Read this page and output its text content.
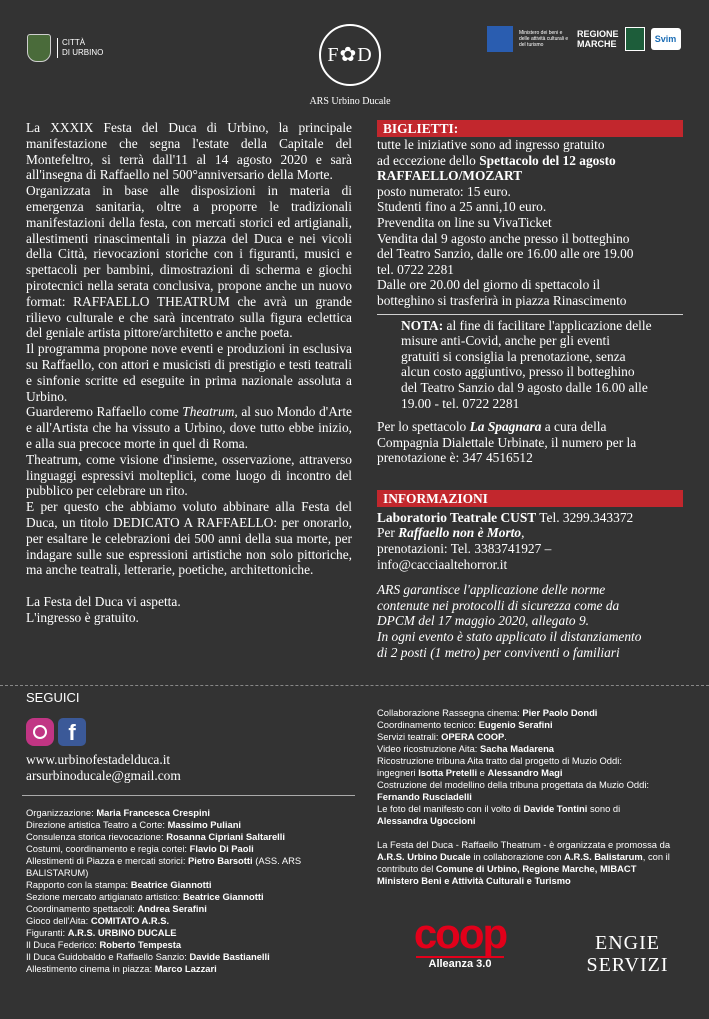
CITTÀ
DI URBINO	F✿D
ARS Urbino Ducale
Ministero dei beni e delle attività culturali e del turismo
REGIONE
MARCHE	Svim

La XXXIX Festa del Duca di Urbino, la principale manifestazione che segna l'estate della Capitale del Montefeltro, si terrà dall'11 al 14 agosto 2020 e sarà all'insegna di Raffaello nel 500°anniversario della Morte.

Organizzata in base alle disposizioni in materia di emergenza sanitaria, oltre a proporre le tradizionali manifestazioni della festa, con mercati storici ed artigianali, allestimenti rinascimentali in piazza del Duca e nei vicoli della Città, rievocazioni storiche con i figuranti, musici e spettacoli per bambini, dimostrazioni di scherma e giochi pirotecnici nella serata conclusiva, propone anche un nuovo format: RAFFAELLO THEATRUM che avrà un grande rilievo culturale e che sarà incentrato sulla figura eclettica del geniale artista pittore/architetto e anche poeta.

Il programma propone nove eventi e produzioni in esclusiva su Raffaello, con attori e musicisti di prestigio e testi teatrali e sinfonie scritte ed eseguite in prima nazionale assoluta a Urbino.

Guarderemo Raffaello come Theatrum, al suo Mondo d'Arte e all'Artista che ha vissuto a Urbino, dove tutto ebbe inizio, e alla sua precoce morte in quel di Roma.

Theatrum, come visione d'insieme, osservazione, attraverso linguaggi espressivi molteplici, come luogo di incontro del pubblico per celebrare un rito.

E per questo che abbiamo voluto abbinare alla Festa del Duca, un titolo DEDICATO A RAFFAELLO: per onorarlo, per esaltare le celebrazioni dei 500 anni della sua morte, per indagare sulle sue espressioni artistiche non solo pittoriche, ma anche teatrali, letterarie, poetiche, architettoniche.

La Festa del Duca vi aspetta.

L'ingresso è gratuito.

BIGLIETTI:
tutte le iniziative sono ad ingresso gratuito
ad eccezione dello Spettacolo del 12 agosto
RAFFAELLO/MOZART
posto numerato: 15 euro.
Studenti fino a 25 anni,10 euro.
Prevendita on line su VivaTicket
Vendita dal 9 agosto anche presso il botteghino
del Teatro Sanzio, dalle ore 16.00 alle ore 19.00
tel. 0722 2281
Dalle ore 20.00 del giorno di spettacolo il
botteghino si trasferirà in piazza Rinascimento
NOTA: al fine di facilitare l'applicazione delle
misure anti-Covid, anche per gli eventi
gratuiti si consiglia la prenotazione, senza
alcun costo aggiuntivo, presso il botteghino
del Teatro Sanzio dal 9 agosto dalle 16.00 alle
19.00 - tel. 0722 2281
Per lo spettacolo La Spagnara a cura della
Compagnia Dialettale Urbinate, il numero per la
prenotazione è: 347 4516512
INFORMAZIONI
Laboratorio Teatrale CUST Tel. 3299.343372
Per Raffaello non è Morto,
prenotazioni: Tel. 3383741927 –
info@cacciaaltehorror.it
ARS garantisce l'applicazione delle norme
contenute nei protocolli di sicurezza come da
DPCM del 17 maggio 2020, allegato 9.
In ogni evento è stato applicato il distanziamento
di 2 posti (1 metro) per conviventi o familiari
SEGUICI
f
www.urbinofestadelduca.it
arsurbinoducale@gmail.com
Organizzazione: Maria Francesca Crespini
Direzione artistica Teatro a Corte: Massimo Puliani
Consulenza storica rievocazione: Rosanna Cipriani Saltarelli
Costumi, coordinamento e regia cortei: Flavio Di Paoli
Allestimenti di Piazza e mercati storici: Pietro Barsotti (ASS. ARS BALISTARUM)
Rapporto con la stampa: Beatrice Giannotti
Sezione mercato artigianato artistico: Beatrice Giannotti
Coordinamento spettacoli: Andrea Serafini
Gioco dell'Aita: COMITATO A.R.S.
Figuranti: A.R.S. URBINO DUCALE
Il Duca Federico: Roberto Tempesta
Il Duca Guidobaldo e Raffaello Sanzio: Davide Bastianelli
Allestimento cinema in piazza: Marco Lazzari
Collaborazione Rassegna cinema: Pier Paolo Dondi
Coordinamento tecnico: Eugenio Serafini
Servizi teatrali: OPERA COOP.
Video ricostruzione Aita: Sacha Madarena
Ricostruzione tribuna Aita tratto dal progetto di Muzio Oddi:
ingegneri Isotta Pretelli e Alessandro Magi
Costruzione del modellino della tribuna progettata da Muzio Oddi:
Fernando Rusciadelli
Le foto del manifesto con il volto di Davide Tontini sono di
Alessandra Ugoccioni
La Festa del Duca - Raffaello Theatrum - è organizzata e promossa da
A.R.S. Urbino Ducale in collaborazione con A.R.S. Balistarum, con il
contributo del Comune di Urbino, Regione Marche, MIBACT
Ministero Beni e Attività Culturali e Turismo
coop
Alleanza 3.0
ENGIE
SERVIZI
